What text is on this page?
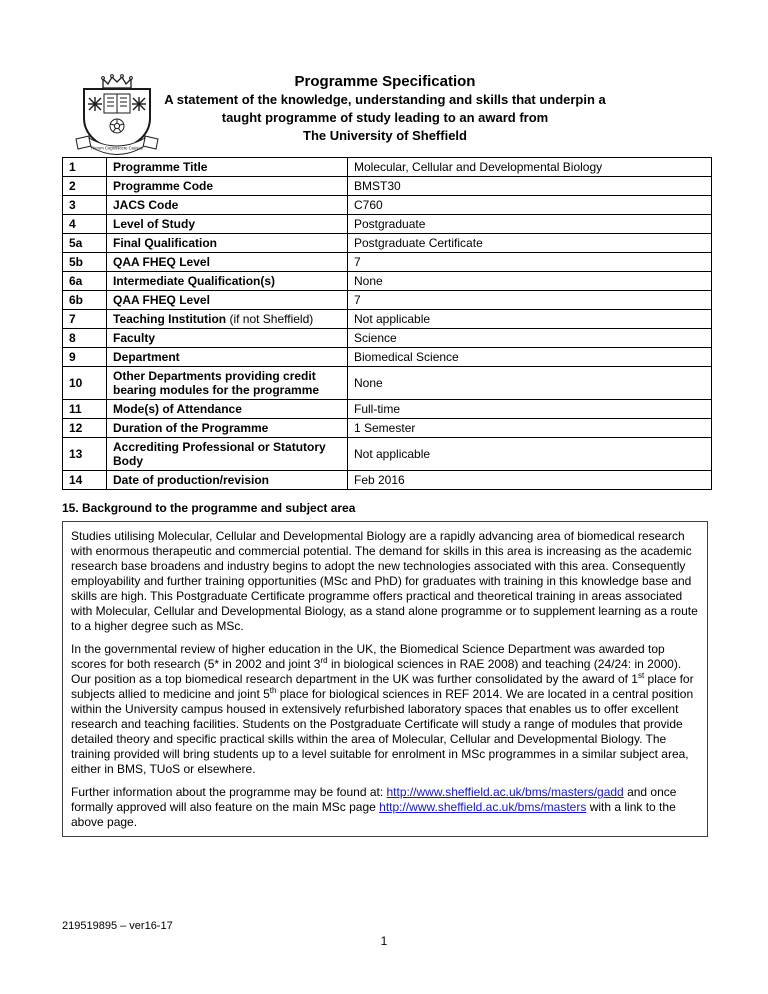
Rerum Cognoscere Causas

Programme Specification

A statement of the knowledge, understanding and skills that underpin a

taught programme of study leading to an award from

The University of Sheffield

1	Programme Title	Molecular, Cellular and Developmental Biology
2	Programme Code	BMST30
3	JACS Code	C760
4	Level of Study	Postgraduate
5a	Final Qualification	Postgraduate Certificate
5b	QAA FHEQ Level	7
6a	Intermediate Qualification(s)	None
6b	QAA FHEQ Level	7
7	Teaching Institution (if not Sheffield)	Not applicable
8	Faculty	Science
9	Department	Biomedical Science
10	Other Departments providing credit bearing modules for the programme	None
11	Mode(s) of Attendance	Full-time
12	Duration of the Programme	1 Semester
13	Accrediting Professional or Statutory Body	Not applicable
14	Date of production/revision	Feb 2016
15. Background to the programme and subject area

Studies utilising Molecular, Cellular and Developmental Biology are a rapidly advancing area of biomedical research with enormous therapeutic and commercial potential. The demand for skills in this area is increasing as the academic research base broadens and industry begins to adopt the new technologies associated with this area. Consequently employability and further training opportunities (MSc and PhD) for graduates with training in this knowledge base and skills are high. This Postgraduate Certificate programme offers practical and theoretical training in areas associated with Molecular, Cellular and Developmental Biology, as a stand alone programme or to supplement learning as a route to a higher degree such as MSc.

In the governmental review of higher education in the UK, the Biomedical Science Department was awarded top scores for both research (5* in 2002 and joint 3rd in biological sciences in RAE 2008) and teaching (24/24: in 2000). Our position as a top biomedical research department in the UK was further consolidated by the award of 1st place for subjects allied to medicine and joint 5th place for biological sciences in REF 2014. We are located in a central position within the University campus housed in extensively refurbished laboratory spaces that enables us to offer excellent research and teaching facilities. Students on the Postgraduate Certificate will study a range of modules that provide detailed theory and specific practical skills within the area of Molecular, Cellular and Developmental Biology. The training provided will bring students up to a level suitable for enrolment in MSc programmes in a similar subject area, either in BMS, TUoS or elsewhere.

Further information about the programme may be found at: http://www.sheffield.ac.uk/bms/masters/gadd and once formally approved will also feature on the main MSc page http://www.sheffield.ac.uk/bms/masters with a link to the above page.

219519895 – ver16-17
1
